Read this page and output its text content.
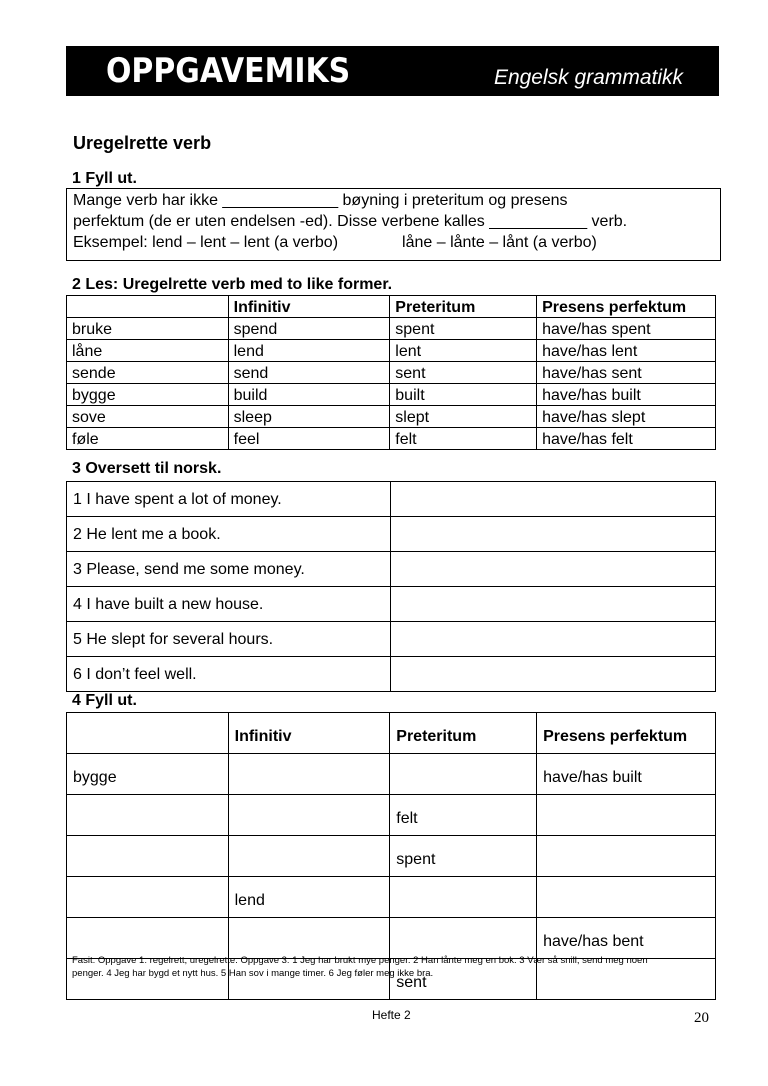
OPPGAVEMIKS	Engelsk grammatikk
Uregelrette verb
1 Fyll ut.
Mange verb har ikke _____________ bøyning i preteritum og presens
perfektum (de er uten endelsen -ed). Disse verbene kalles ___________ verb.
Eksempel: lend – lent – lent (a verbo)	låne – lånte – lånt (a verbo)
2 Les: Uregelrette verb med to like former.
	Infinitiv	Preteritum	Presens perfektum
bruke	spend	spent	have/has spent
låne	lend	lent	have/has lent
sende	send	sent	have/has sent
bygge	build	built	have/has built
sove	sleep	slept	have/has slept
føle	feel	felt	have/has felt
3 Oversett til norsk.
1 I have spent a lot of money.	
2 He lent me a book.	
3 Please, send me some money.	
4 I have built a new house.	
5 He slept for several hours.	
6 I don’t feel well.	
4 Fyll ut.
	Infinitiv	Preteritum	Presens perfektum
bygge			have/has built
		felt	
		spent	
	lend		
			have/has bent
		sent	
Fasit: Oppgave 1: regelrett, uregelrette. Oppgave 3: 1 Jeg har brukt mye penger. 2 Han lånte meg en bok. 3 Vær så snill, send meg noen
penger. 4 Jeg har bygd et nytt hus. 5 Han sov i mange timer. 6 Jeg føler meg ikke bra.
Hefte 2	20
